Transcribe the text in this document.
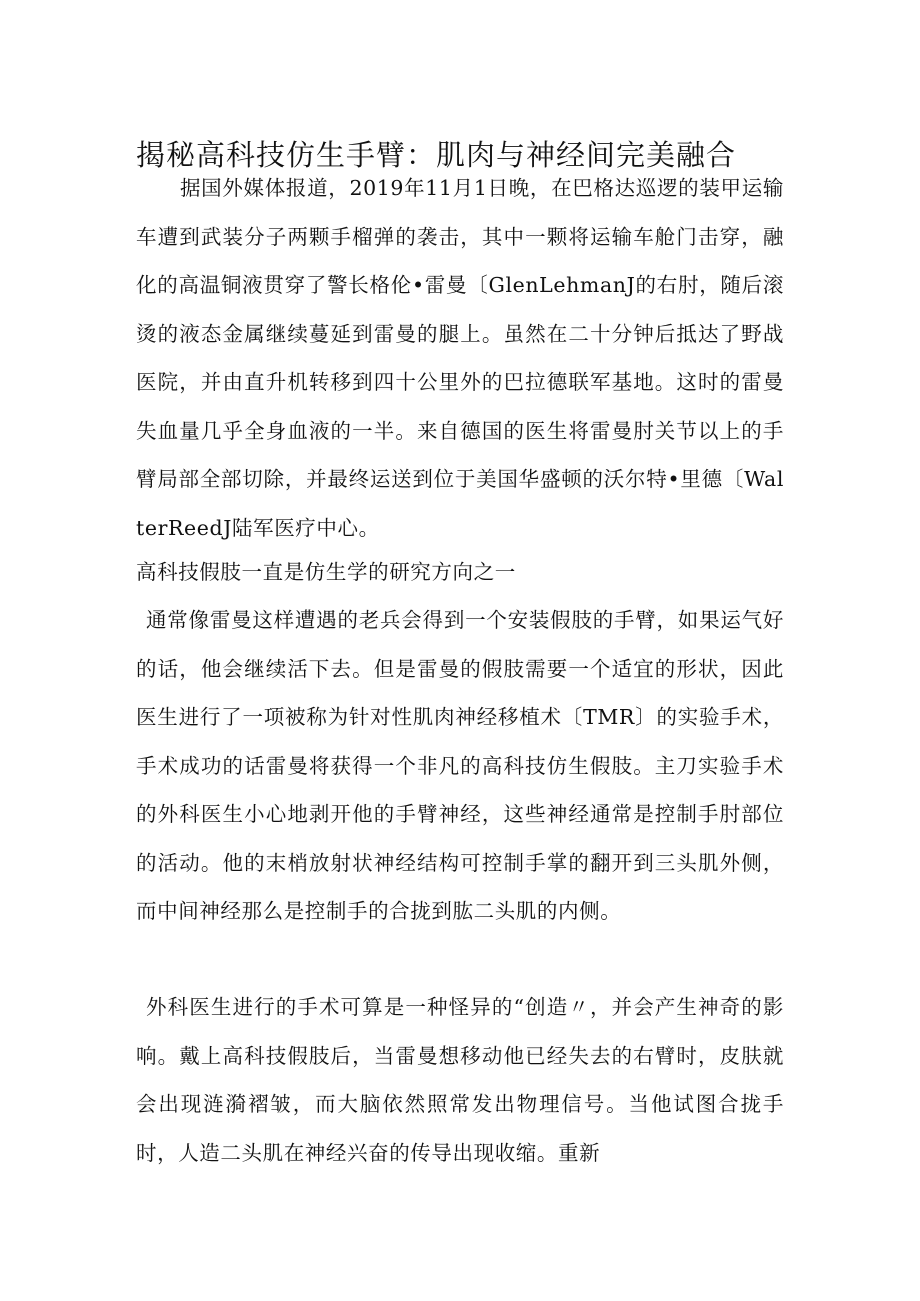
揭秘高科技仿生手臂：肌肉与神经间完美融合

据国外媒体报道，2019年11月1日晚，在巴格达巡逻的装甲运输车遭到武装分子两颗手榴弹的袭击，其中一颗将运输车舱门击穿，融化的高温铜液贯穿了警长格伦•雷曼〔GlenLehmanJ的右肘，随后滚烫的液态金属继续蔓延到雷曼的腿上。虽然在二十分钟后抵达了野战医院，并由直升机转移到四十公里外的巴拉德联军基地。这时的雷曼失血量几乎全身血液的一半。来自德国的医生将雷曼肘关节以上的手臂局部全部切除，并最终运送到位于美国华盛顿的沃尔特•里德〔WalterReedJ陆军医疗中心。

高科技假肢一直是仿生学的研究方向之一

通常像雷曼这样遭遇的老兵会得到一个安装假肢的手臂，如果运气好的话，他会继续活下去。但是雷曼的假肢需要一个适宜的形状，因此医生进行了一项被称为针对性肌肉神经移植术〔TMR〕的实验手术，手术成功的话雷曼将获得一个非凡的高科技仿生假肢。主刀实验手术的外科医生小心地剥开他的手臂神经，这些神经通常是控制手肘部位的活动。他的末梢放射状神经结构可控制手掌的翻开到三头肌外侧，而中间神经那么是控制手的合拢到肱二头肌的内侧。

外科医生进行的手术可算是一种怪异的“创造〃，并会产生神奇的影响。戴上高科技假肢后，当雷曼想移动他已经失去的右臂时，皮肤就会出现涟漪褶皱，而大脑依然照常发出物理信号。当他试图合拢手时，人造二头肌在神经兴奋的传导出现收缩。重新
